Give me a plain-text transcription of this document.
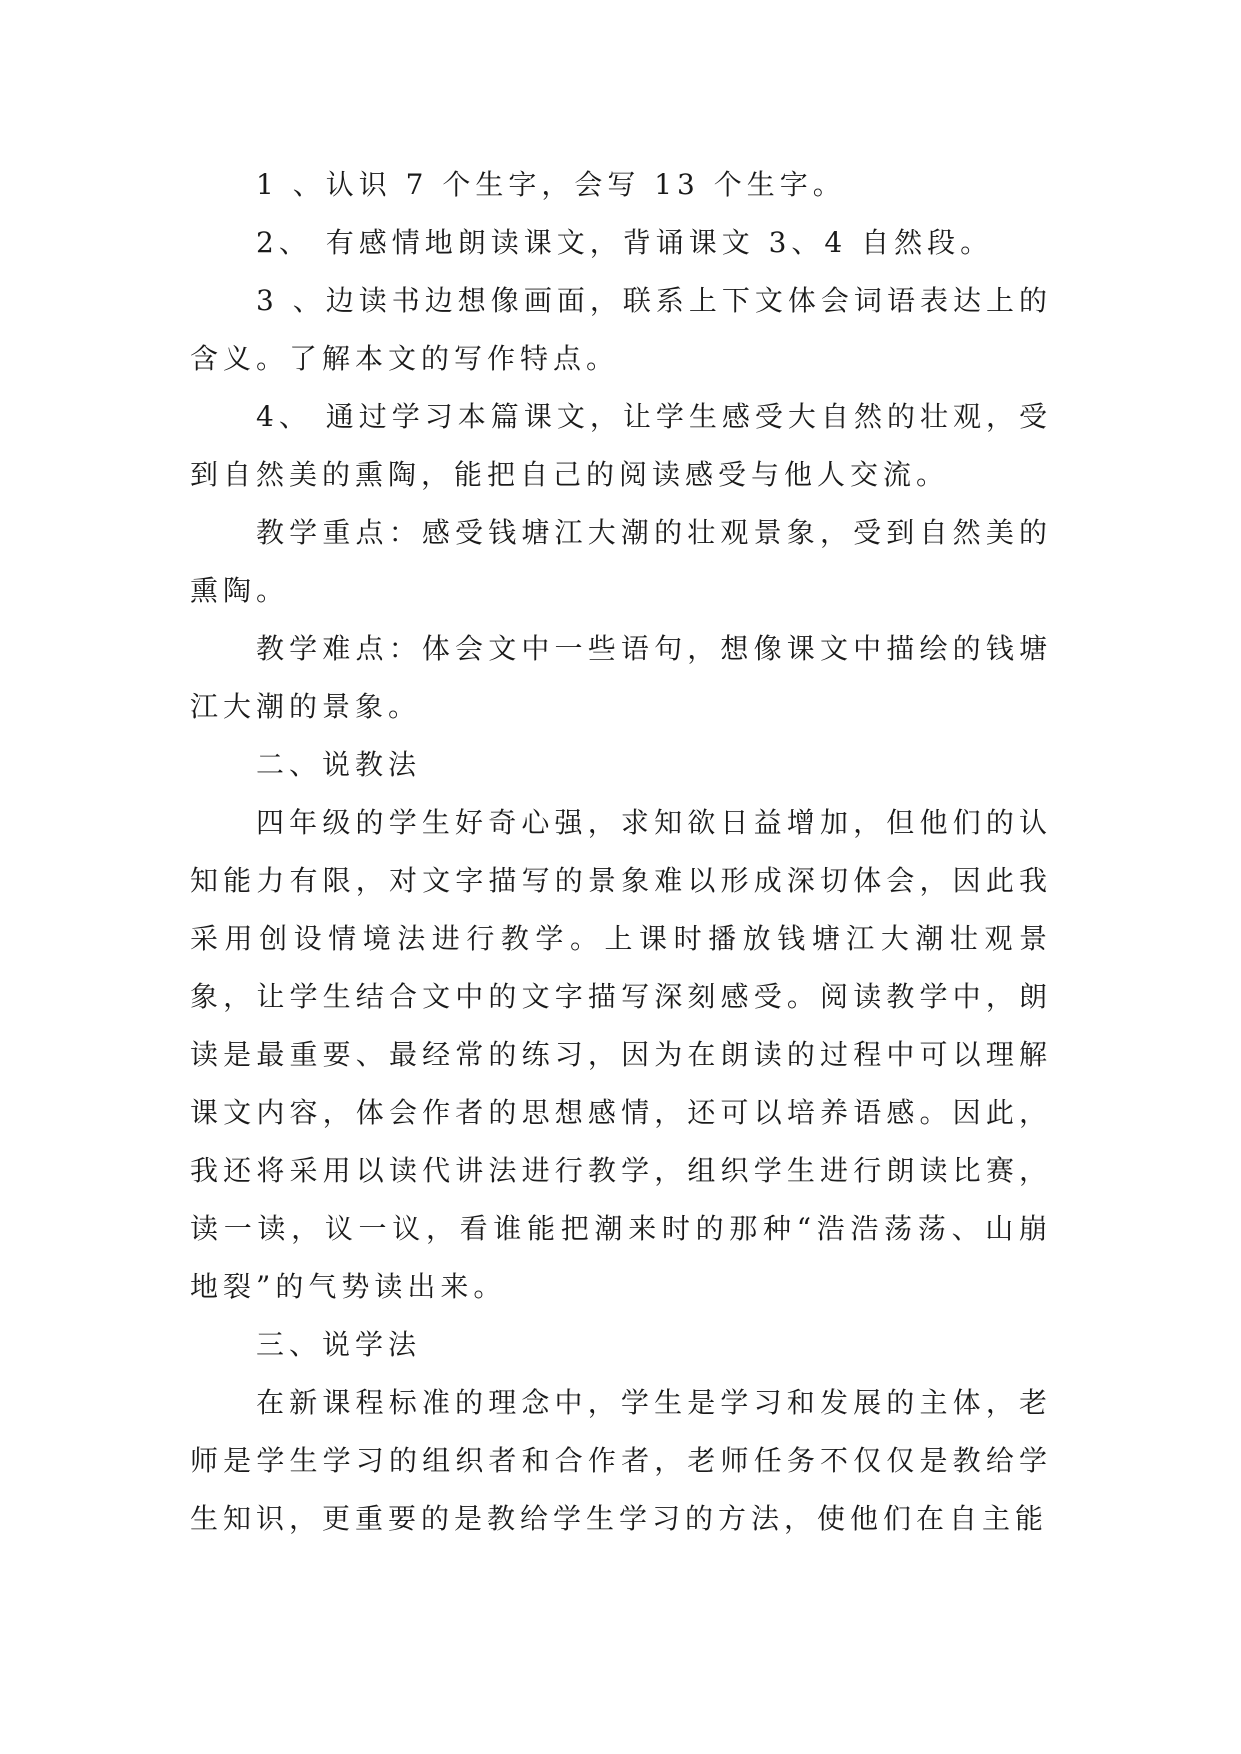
1 、认识 7 个生字，会写 13 个生字。

2、 有感情地朗读课文，背诵课文 3、4 自然段。

3 、边读书边想像画面，联系上下文体会词语表达上的含义。了解本文的写作特点。

4、 通过学习本篇课文，让学生感受大自然的壮观，受到自然美的熏陶，能把自己的阅读感受与他人交流。

教学重点：感受钱塘江大潮的壮观景象，受到自然美的熏陶。

教学难点：体会文中一些语句，想像课文中描绘的钱塘江大潮的景象。

二、说教法

四年级的学生好奇心强，求知欲日益增加，但他们的认知能力有限，对文字描写的景象难以形成深切体会，因此我采用创设情境法进行教学。上课时播放钱塘江大潮壮观景象，让学生结合文中的文字描写深刻感受。阅读教学中，朗读是最重要、最经常的练习，因为在朗读的过程中可以理解课文内容，体会作者的思想感情，还可以培养语感。因此，我还将采用以读代讲法进行教学，组织学生进行朗读比赛，读一读，议一议，看谁能把潮来时的那种“浩浩荡荡、山崩地裂”的气势读出来。

三、说学法

在新课程标准的理念中，学生是学习和发展的主体，老师是学生学习的组织者和合作者，老师任务不仅仅是教给学生知识，更重要的是教给学生学习的方法，使他们在自主能
